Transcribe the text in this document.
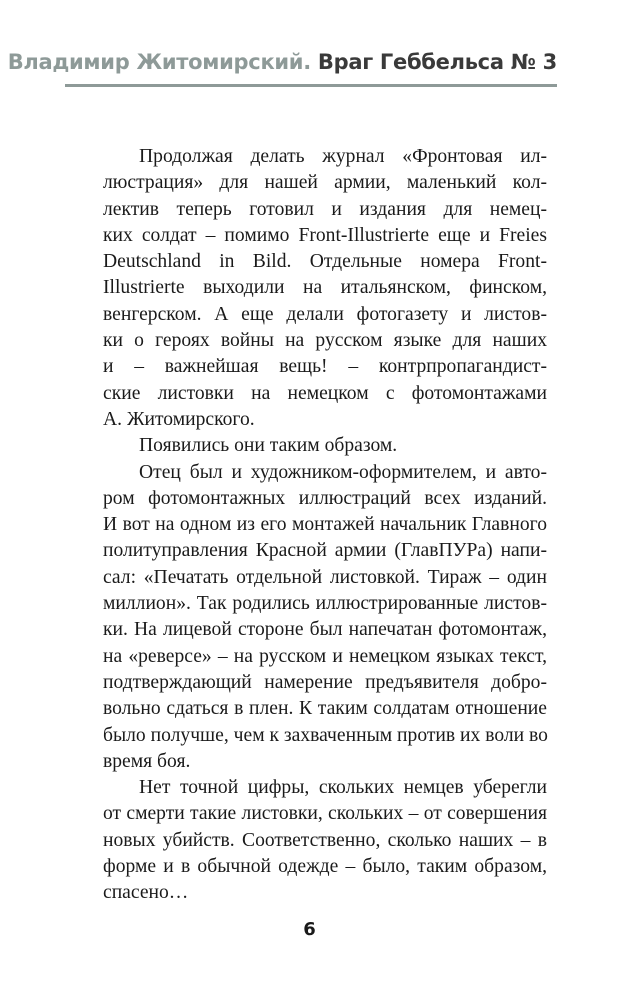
Владимир Житомирский. Враг Геббельса № 3

Продолжая делать журнал «Фронтовая ил-
люстрация» для нашей армии, маленький кол-
лектив теперь готовил и издания для немец-
ких солдат – помимо Front-Illustrierte еще и Freies
Deutschland in Bild. Отдельные номера Front-
Illustrierte выходили на итальянском, финском,
венгерском. А еще делали фотогазету и листов-
ки о героях войны на русском языке для наших
и – важнейшая вещь! – контрпропагандист-
ские листовки на немецком с фотомонтажами
А. Житомирского.

Появились они таким образом.

Отец был и художником-оформителем, и авто-
ром фотомонтажных иллюстраций всех изданий.
И вот на одном из его монтажей начальник Главного
политуправления Красной армии (ГлавПУРа) напи-
сал: «Печатать отдельной листовкой. Тираж – один
миллион». Так родились иллюстрированные листов-
ки. На лицевой стороне был напечатан фотомонтаж,
на «реверсе» – на русском и немецком языках текст,
подтверждающий намерение предъявителя добро-
вольно сдаться в плен. К таким солдатам отношение
было получше, чем к захваченным против их воли во
время боя.

Нет точной цифры, скольких немцев уберегли
от смерти такие листовки, скольких – от совершения
новых убийств. Соответственно, сколько наших – в
форме и в обычной одежде – было, таким образом,
спасено…

6
